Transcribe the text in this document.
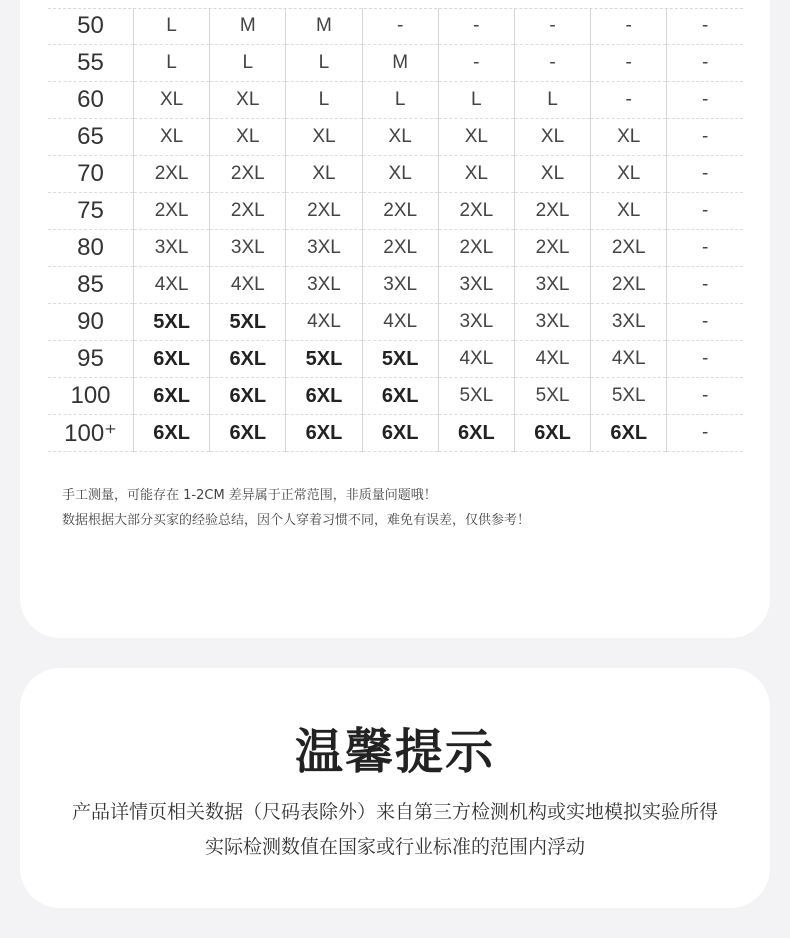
50	L	M	M	-	-	-	-	-
55	L	L	L	M	-	-	-	-
60	XL	XL	L	L	L	L	-	-
65	XL	XL	XL	XL	XL	XL	XL	-
70	2XL	2XL	XL	XL	XL	XL	XL	-
75	2XL	2XL	2XL	2XL	2XL	2XL	XL	-
80	3XL	3XL	3XL	2XL	2XL	2XL	2XL	-
85	4XL	4XL	3XL	3XL	3XL	3XL	2XL	-
90	5XL	5XL	4XL	4XL	3XL	3XL	3XL	-
95	6XL	6XL	5XL	5XL	4XL	4XL	4XL	-
100	6XL	6XL	6XL	6XL	5XL	5XL	5XL	-
100⁺	6XL	6XL	6XL	6XL	6XL	6XL	6XL	-
手工测量，可能存在 1-2CM 差异属于正常范围，非质量问题哦！
数据根据大部分买家的经验总结，因个人穿着习惯不同，难免有误差，仅供参考！
温馨提示
产品详情页相关数据（尺码表除外）来自第三方检测机构或实地模拟实验所得
实际检测数值在国家或行业标准的范围内浮动
